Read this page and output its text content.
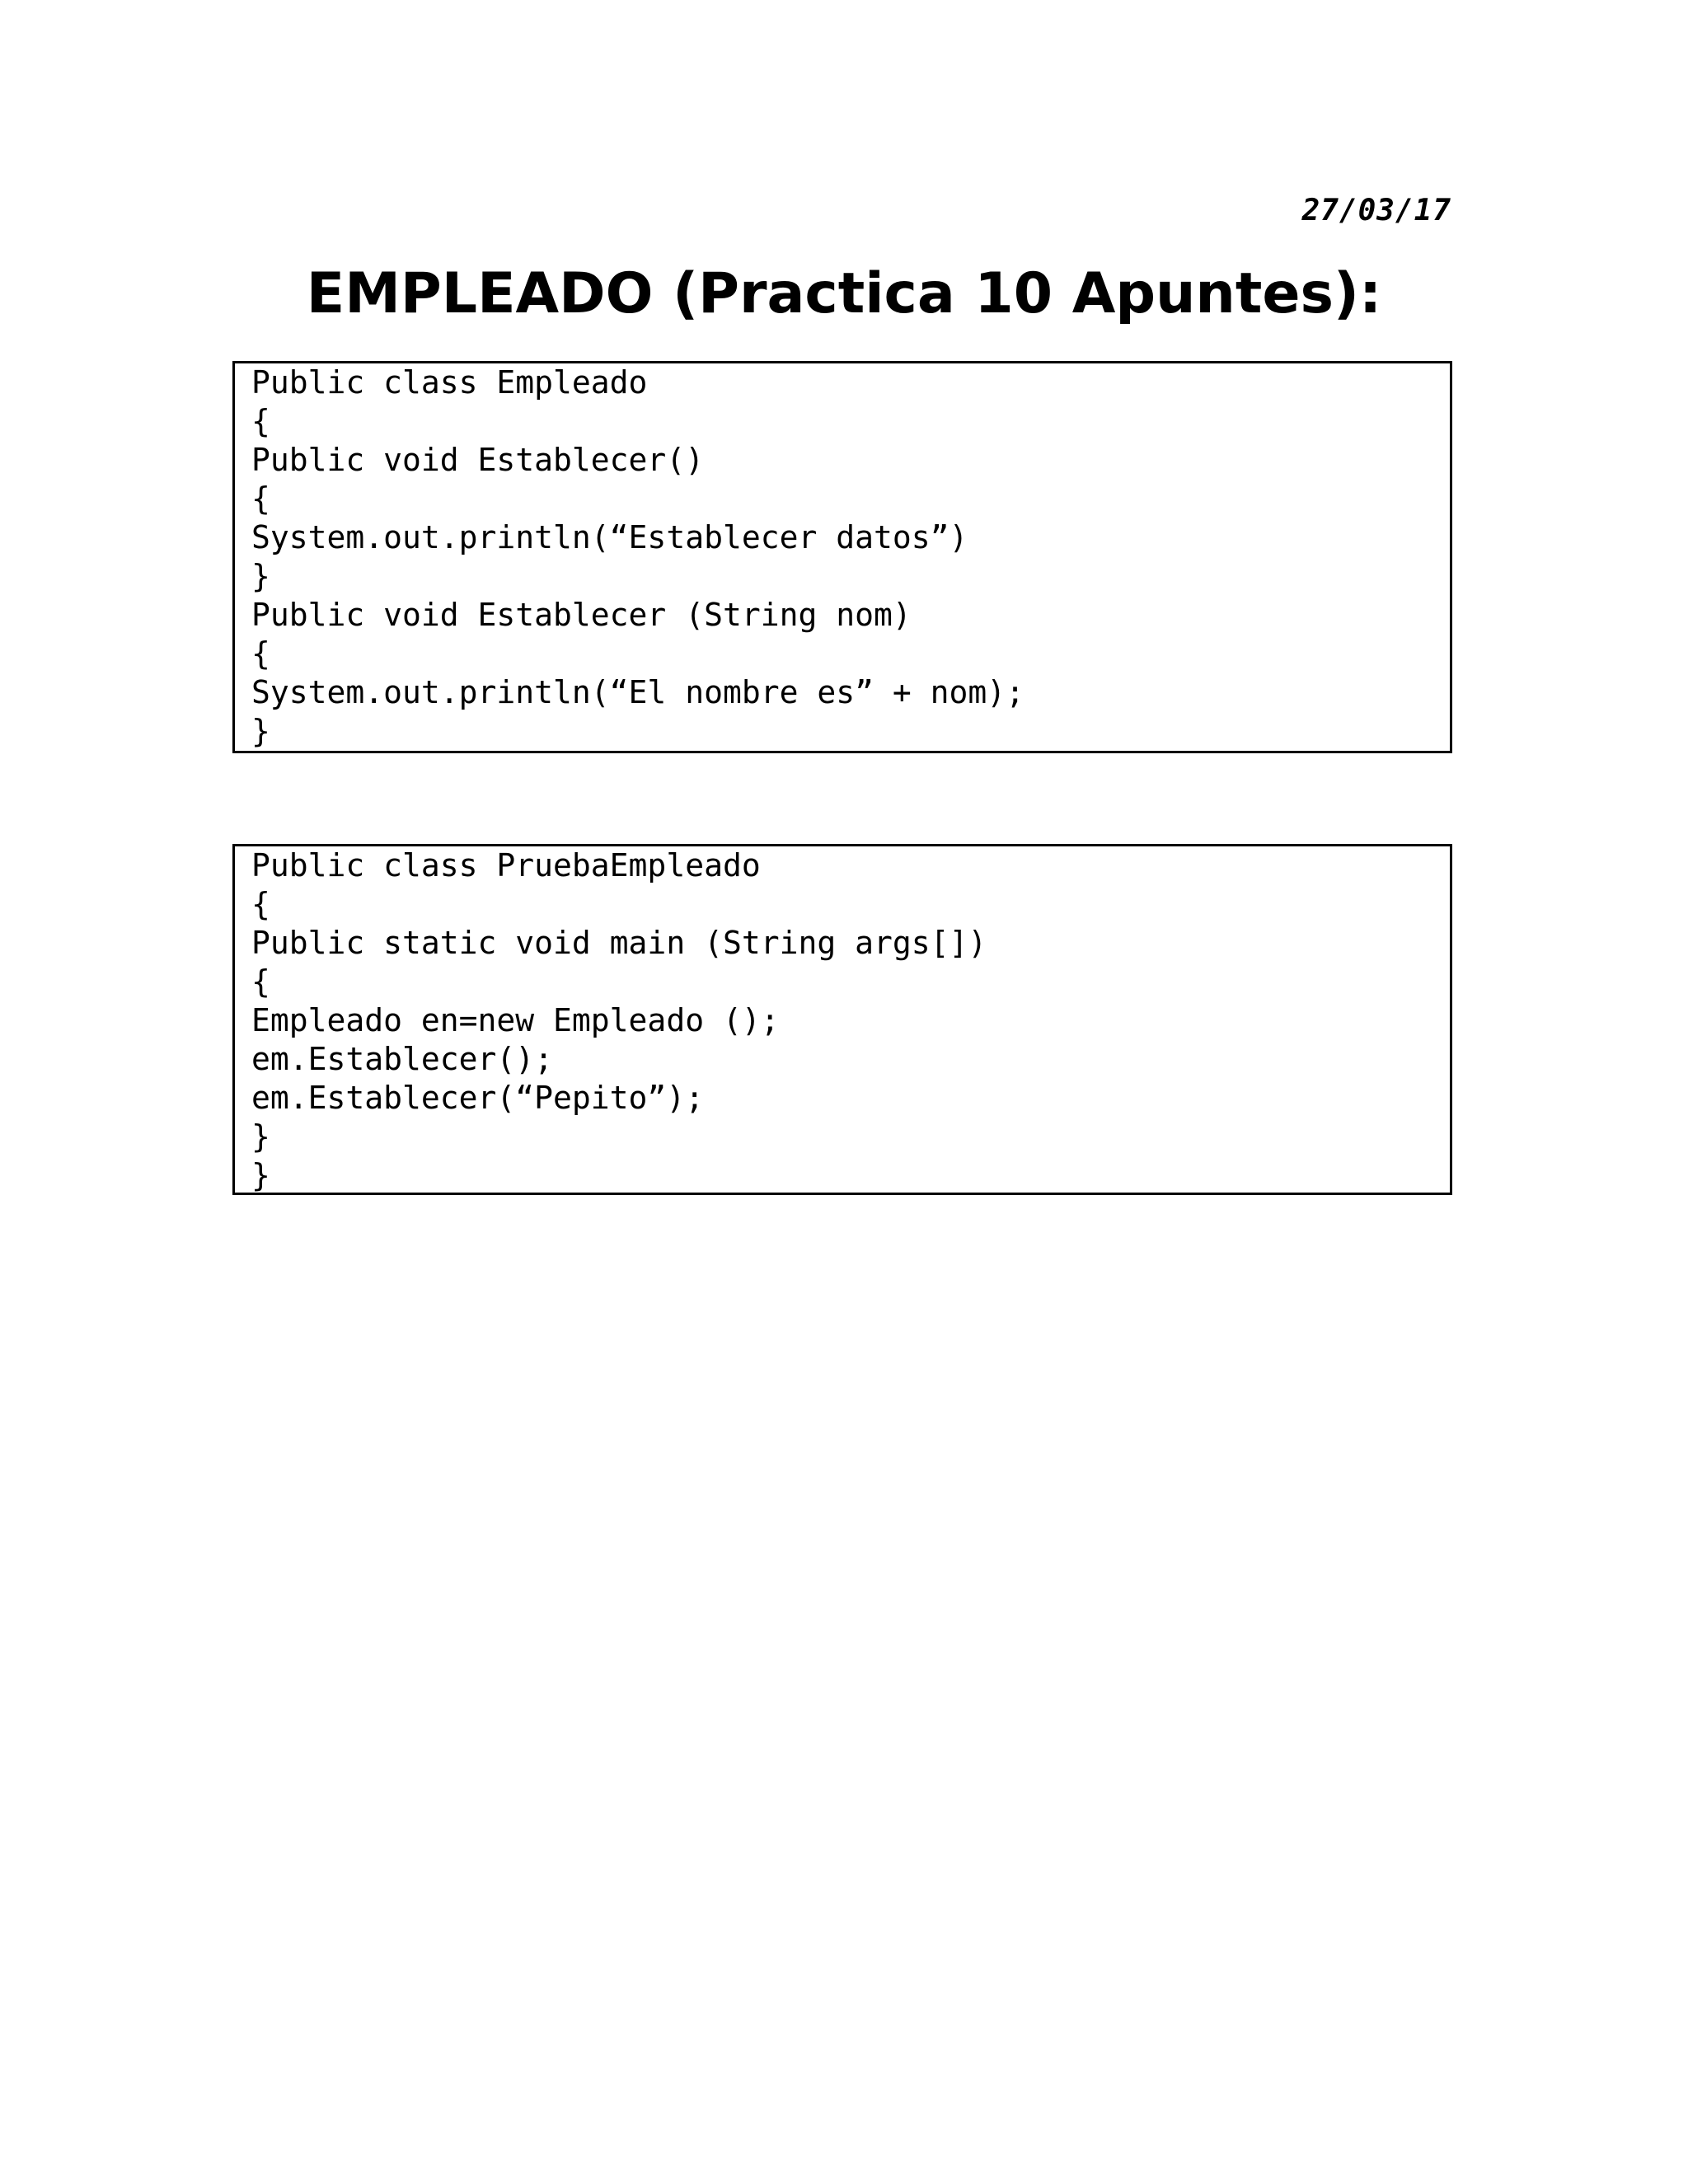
27/03/17
EMPLEADO (Practica 10 Apuntes):
Public class Empleado
{
Public void Establecer()
{
System.out.println(“Establecer datos”)
}
Public void Establecer (String nom)
{
System.out.println(“El nombre es” + nom);
}
Public class PruebaEmpleado
{
Public static void main (String args[])
{
Empleado en=new Empleado ();
em.Establecer();
em.Establecer(“Pepito”);
}
}
